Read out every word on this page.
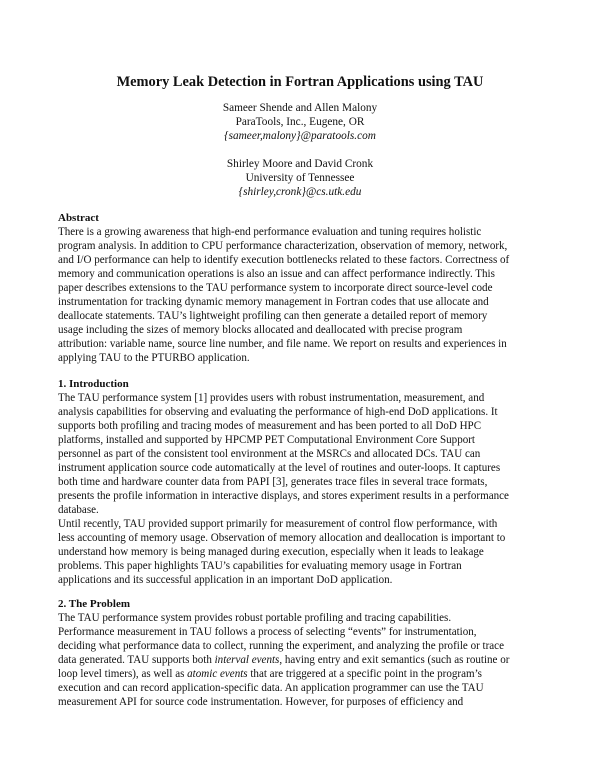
Memory Leak Detection in Fortran Applications using TAU
Sameer Shende and Allen Malony
ParaTools, Inc., Eugene, OR
{sameer,malony}@paratools.com
Shirley Moore and David Cronk
University of Tennessee
{shirley,cronk}@cs.utk.edu
Abstract
There is a growing awareness that high-end performance evaluation and tuning requires holistic
program analysis. In addition to CPU performance characterization, observation of memory, network,
and I/O performance can help to identify execution bottlenecks related to these factors. Correctness of
memory and communication operations is also an issue and can affect performance indirectly. This
paper describes extensions to the TAU performance system to incorporate direct source-level code
instrumentation for tracking dynamic memory management in Fortran codes that use allocate and
deallocate statements. TAU’s lightweight profiling can then generate a detailed report of memory
usage including the sizes of memory blocks allocated and deallocated with precise program
attribution: variable name, source line number, and file name. We report on results and experiences in
applying TAU to the PTURBO application.
1. Introduction
The TAU performance system [1] provides users with robust instrumentation, measurement, and
analysis capabilities for observing and evaluating the performance of high-end DoD applications. It
supports both profiling and tracing modes of measurement and has been ported to all DoD HPC
platforms, installed and supported by HPCMP PET Computational Environment Core Support
personnel as part of the consistent tool environment at the MSRCs and allocated DCs. TAU can
instrument application source code automatically at the level of routines and outer-loops. It captures
both time and hardware counter data from PAPI [3], generates trace files in several trace formats,
presents the profile information in interactive displays, and stores experiment results in a performance
database.
Until recently, TAU provided support primarily for measurement of control flow performance, with
less accounting of memory usage. Observation of memory allocation and deallocation is important to
understand how memory is being managed during execution, especially when it leads to leakage
problems. This paper highlights TAU’s capabilities for evaluating memory usage in Fortran
applications and its successful application in an important DoD application.
2. The Problem
The TAU performance system provides robust portable profiling and tracing capabilities.
Performance measurement in TAU follows a process of selecting “events” for instrumentation,
deciding what performance data to collect, running the experiment, and analyzing the profile or trace
data generated. TAU supports both interval events, having entry and exit semantics (such as routine or
loop level timers), as well as atomic events that are triggered at a specific point in the program’s
execution and can record application-specific data. An application programmer can use the TAU
measurement API for source code instrumentation. However, for purposes of efficiency and
